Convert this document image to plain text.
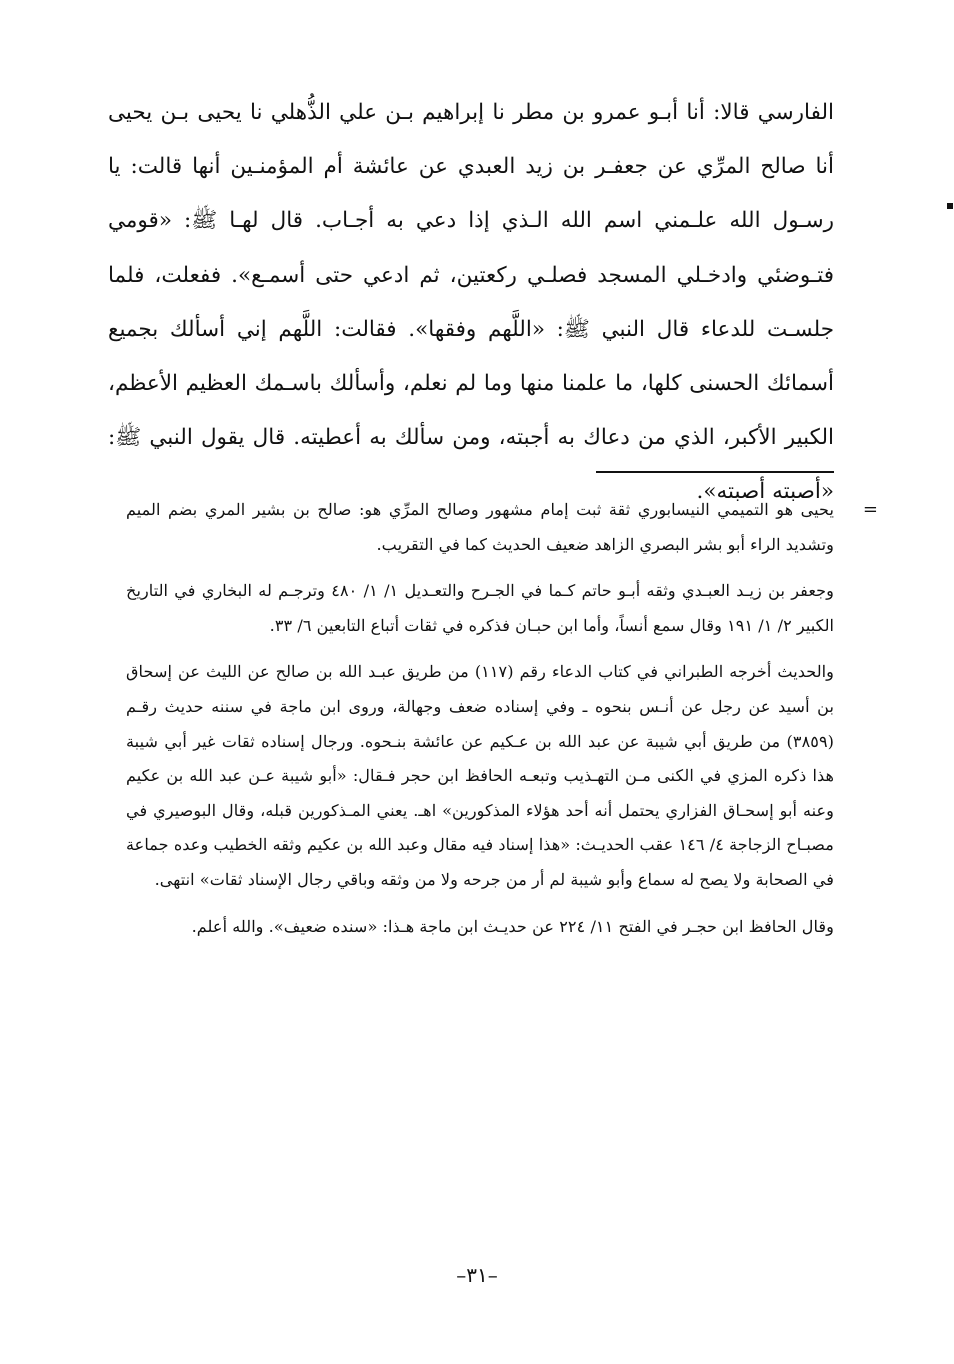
الفارسي قالا: أنا أبـو عمرو بن مطر نا إبراهيم بـن علي الذُّهلي نا يحيى بـن يحيى أنا صالح المرِّي عن جعفـر بن زيد العبدي عن عائشة أم المؤمنـين أنها قالت: يا رسـول الله علـمني اسم الله الـذي إذا دعي به أجـاب. قال لهـا ﷺ: «قومي فتـوضئي وادخـلي المسجد فصلـي ركعتين، ثم ادعي حتى أسمـع». ففعلت، فلما جلسـت للدعاء قال النبي ﷺ: «اللَّهم وفقها». فقالت: اللَّهم إني أسألك بجميع أسمائك الحسنى كلها، ما علمنا منها وما لم نعلم، وأسألك باسـمك العظيم الأعظم، الكبير الأكبر، الذي من دعاك به أجبته، ومن سألك به أعطيته. قال يقول النبي ﷺ: «أصبته أصبته».

=
يحيى هو التميمي النيسابوري ثقة ثبت إمام مشهور وصالح المرِّي هو: صالح بن بشير المري بضم الميم وتشديد الراء أبو بشر البصري الزاهد ضعيف الحديث كما في التقريب.

وجعفر بن زيـد العبـدي وثقه أبـو حاتم كـما في الجـرح والتعـديل ١/ ١/ ٤٨٠ وترجـم له البخاري في التاريخ الكبير ٢/ ١/ ١٩١ وقال سمع أنساً، وأما ابن حبـان فذكره في ثقات أتباع التابعين ٦/ ٣٣.

والحديث أخرجه الطبراني في كتاب الدعاء رقم (١١٧) من طريق عبـد الله بن صالح عن الليث عن إسحاق بن أسيد عن رجل عن أنـس بنحوه ـ وفي إسناده ضعف وجهالة، وروى ابن ماجة في سننه حديث رقـم (٣٨٥٩) من طريق أبي شيبة عن عبد الله بن عـكيم عن عائشة بنـحوه. ورجال إسناده ثقات غير أبي شيبة هذا ذكره المزي في الكنى مـن التهـذيب وتبعـه الحافظ ابن حجر فـقال: «أبو شيبة عـن عبد الله بن عكيم وعنه أبو إسحـاق الفزاري يحتمل أنه أحد هؤلاء المذكورين» اهـ. يعني المـذكورين قبله، وقال البوصيري في مصبـاح الزجاجة ٤/ ١٤٦ عقب الحديـث: «هذا إسناد فيه مقال وعبد الله بن عكيم وثقه الخطيب وعده جماعة في الصحابة ولا يصح له سماع وأبو شيبة لم أر من جرحه ولا من وثقه وباقي رجال الإسناد ثقات» انتهى.

وقال الحافظ ابن حجـر في الفتح ١١/ ٢٢٤ عن حديـث ابن ماجة هـذا: «سنده ضعيف». والله أعلم.

–٣١–
